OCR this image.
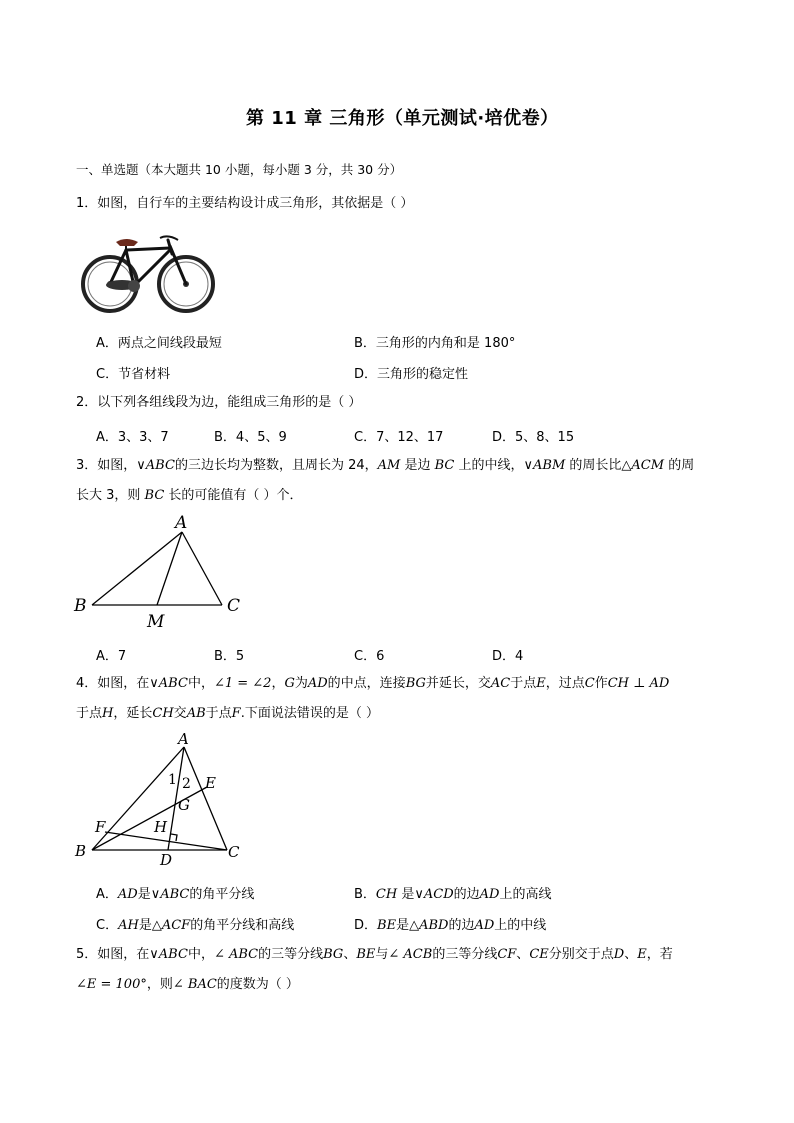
第 11 章 三角形（单元测试·培优卷）
一、单选题（本大题共 10 小题，每小题 3 分，共 30 分）
1．如图，自行车的主要结构设计成三角形，其依据是（ ）
A．两点之间线段最短	B．三角形的内角和是 180°
C．节省材料	D．三角形的稳定性
2．以下列各组线段为边，能组成三角形的是（ ）
A．3、3、7	B．4、5、9	C．7、12、17	D．5、8、15
3．如图，∨ABC的三边长均为整数，且周长为 24，AM 是边 BC 上的中线，∨ABM 的周长比△ACM 的周
长大 3，则 BC 长的可能值有（ ）个．
A
B	C
M
A．7	B．5	C．6	D．4
4．如图，在∨ABC中，∠1 = ∠2，G为AD的中点，连接BG并延长，交AC于点E，过点C作CH ⊥ AD
于点H，延长CH交AB于点F.下面说法错误的是（ ）
A
B	C
D
E
F
G
H
1 2
A．AD是∨ABC的角平分线	B．CH 是∨ACD的边AD上的高线
C．AH是△ACF的角平分线和高线	D．BE是△ABD的边AD上的中线
5．如图，在∨ABC中，∠ ABC的三等分线BG、BE与∠ ACB的三等分线CF、CE分别交于点D、E，若
∠E = 100°，则∠ BAC的度数为（ ）
